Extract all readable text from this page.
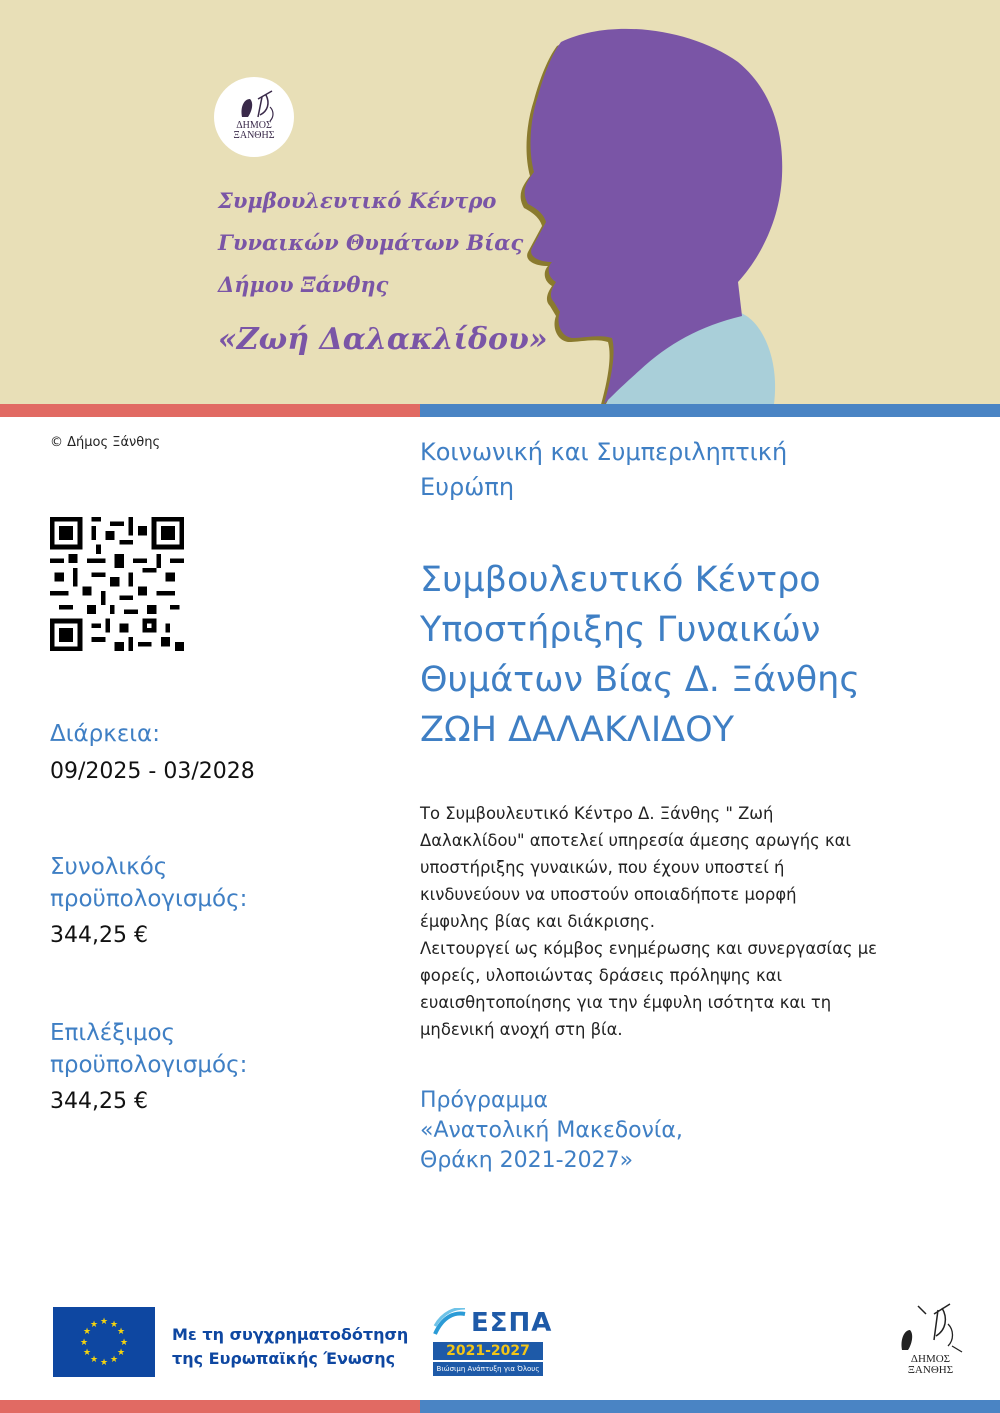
ΔΗΜΟΣ
ΞΑΝΘΗΣ
Συμβουλευτικό Κέντρο
Γυναικών Θυμάτων Βίας
Δήμου Ξάνθης
«Ζωή Δαλακλίδου»
© Δήμος Ξάνθης
Διάρκεια:
09/2025 - 03/2028
Συνολικός
προϋπολογισμός:
344,25 €
Επιλέξιμος
προϋπολογισμός:
344,25 €
Κοινωνική και Συμπεριληπτική
Ευρώπη
Συμβουλευτικό Κέντρο
Υποστήριξης Γυναικών
Θυμάτων Βίας Δ. Ξάνθης
ΖΩΗ ΔΑΛΑΚΛΙΔΟΥ
Το Συμβουλευτικό Κέντρο Δ. Ξάνθης " Ζωή
Δαλακλίδου" αποτελεί υπηρεσία άμεσης αρωγής και
υποστήριξης γυναικών, που έχουν υποστεί ή
κινδυνεύουν να υποστούν οποιαδήποτε μορφή
έμφυλης βίας και διάκρισης.
Λειτουργεί ως κόμβος ενημέρωσης και συνεργασίας με
φορείς, υλοποιώντας δράσεις πρόληψης και
ευαισθητοποίησης για την έμφυλη ισότητα και τη
μηδενική ανοχή στη βία.
Πρόγραμμα
«Ανατολική Μακεδονία,
Θράκη 2021-2027»
★ ★
★
★
★
★
★
★
★
★
★
★	Με τη συγχρηματοδότηση
της Ευρωπαϊκής Ένωσης
ΕΣΠΑ
2021-2027
Βιώσιμη Ανάπτυξη για Όλους
ΔΗΜΟΣ
ΞΑΝΘΗΣ
